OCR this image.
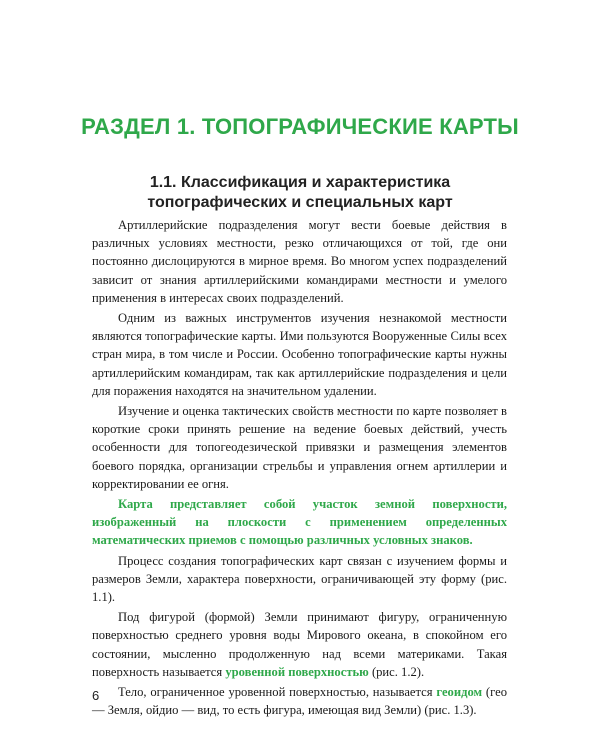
РАЗДЕЛ 1. ТОПОГРАФИЧЕСКИЕ КАРТЫ
1.1. Классификация и характеристика
топографических и специальных карт

Артиллерийские подразделения могут вести боевые действия в различных условиях местности, резко отличающихся от той, где они постоянно дислоцируются в мирное время. Во многом успех подразделений зависит от знания артиллерийскими командирами местности и умелого применения в интересах своих подразделений.

Одним из важных инструментов изучения незнакомой местности являются топографические карты. Ими пользуются Вооруженные Силы всех стран мира, в том числе и России. Особенно топографические карты нужны артиллерийским командирам, так как артиллерийские подразделения и цели для поражения находятся на значительном удалении.

Изучение и оценка тактических свойств местности по карте позволяет в короткие сроки принять решение на ведение боевых действий, учесть особенности для топогеодезической привязки и размещения элементов боевого порядка, организации стрельбы и управления огнем артиллерии и корректировании ее огня.

Карта представляет собой участок земной поверхности, изображенный на плоскости с применением определенных математических приемов с помощью различных условных знаков.

Процесс создания топографических карт связан с изучением формы и размеров Земли, характера поверхности, ограничивающей эту форму (рис. 1.1).

Под фигурой (формой) Земли принимают фигуру, ограниченную поверхностью среднего уровня воды Мирового океана, в спокойном его состоянии, мысленно продолженную над всеми материками. Такая поверхность называется уровенной поверхностью (рис. 1.2).

Тело, ограниченное уровенной поверхностью, называется геоидом (гео — Земля, ойдио — вид, то есть фигура, имеющая вид Земли) (рис. 1.3).

6
